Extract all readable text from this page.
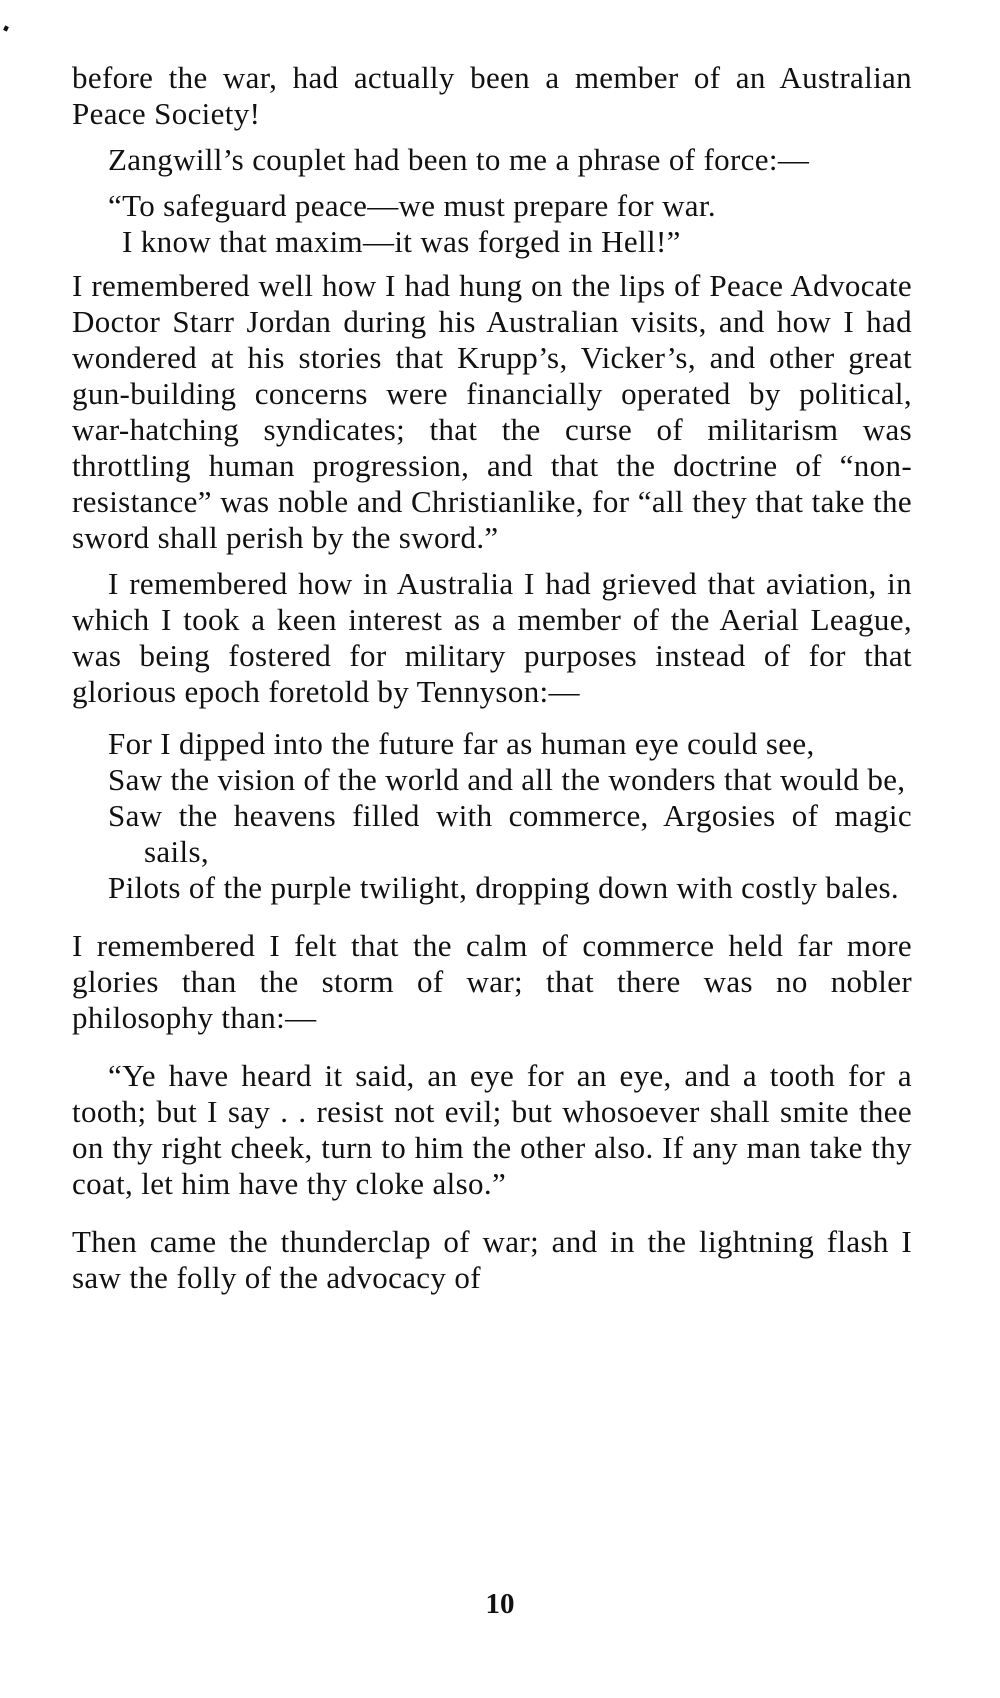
before the war, had actually been a member of an Australian Peace Society!

Zangwill’s couplet had been to me a phrase of force:—

“To safeguard peace—we must prepare for war.
I know that maxim—it was forged in Hell!”

I remembered well how I had hung on the lips of Peace Advocate Doctor Starr Jordan during his Australian visits, and how I had wondered at his stories that Krupp’s, Vicker’s, and other great gun-building concerns were financially operated by political, war-hatching syndicates; that the curse of militarism was throttling human progression, and that the doctrine of “non-resistance” was noble and Christianlike, for “all they that take the sword shall perish by the sword.”

I remembered how in Australia I had grieved that aviation, in which I took a keen interest as a member of the Aerial League, was being fostered for military purposes instead of for that glorious epoch foretold by Tennyson:—

For I dipped into the future far as human eye could see,
Saw the vision of the world and all the wonders that would be,
Saw the heavens filled with commerce, Argosies of magic sails,
Pilots of the purple twilight, dropping down with costly bales.

I remembered I felt that the calm of commerce held far more glories than the storm of war; that there was no nobler philosophy than:—

“Ye have heard it said, an eye for an eye, and a tooth for a tooth; but I say . . resist not evil; but whosoever shall smite thee on thy right cheek, turn to him the other also. If any man take thy coat, let him have thy cloke also.”

Then came the thunderclap of war; and in the lightning flash I saw the folly of the advocacy of

10
